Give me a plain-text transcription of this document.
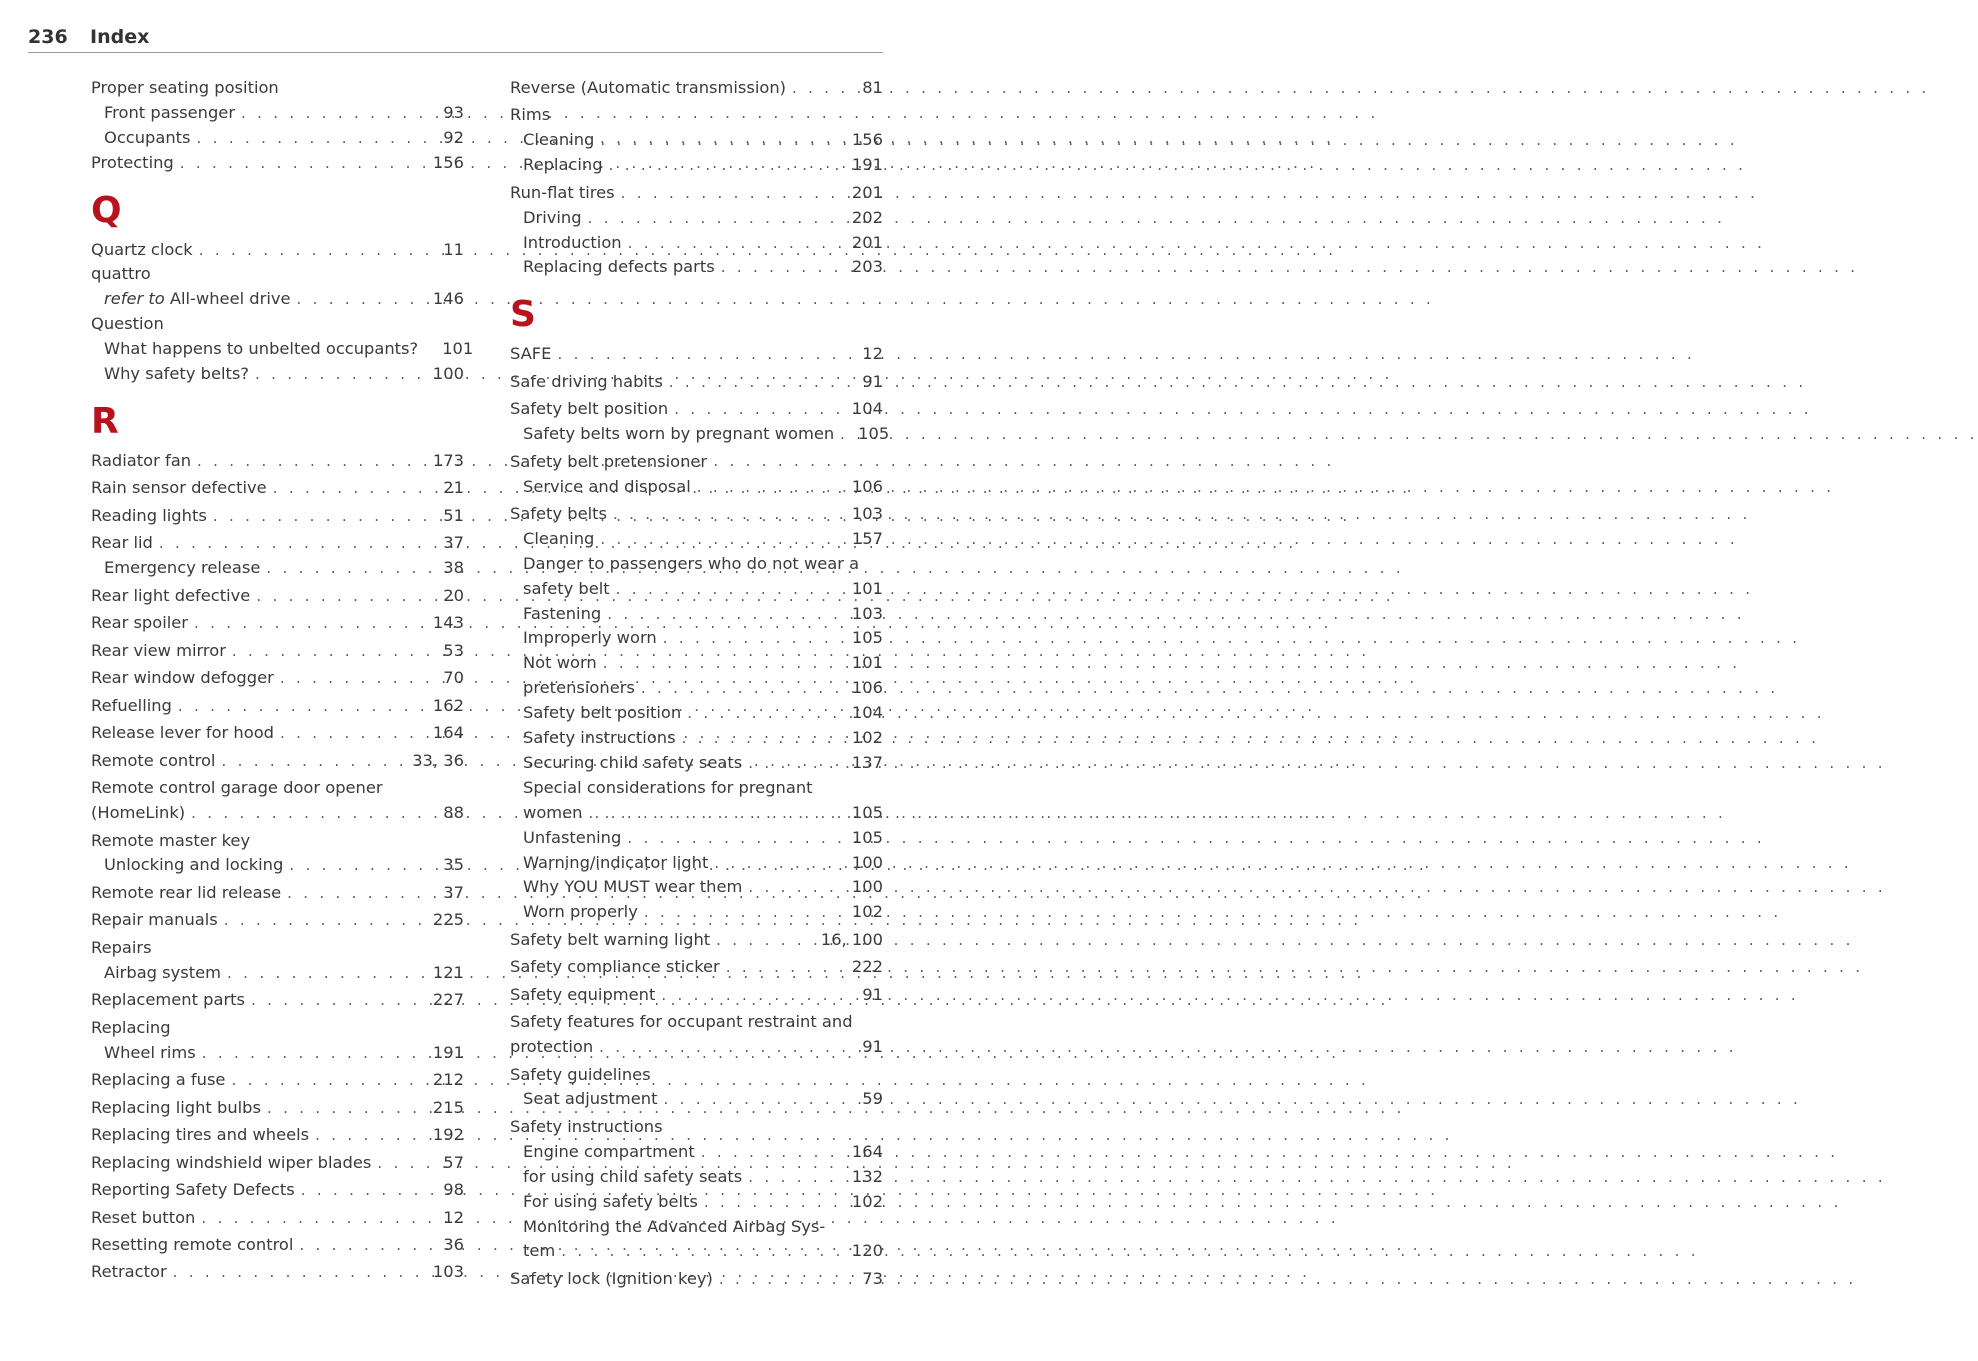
236 Index
Proper seating position
Front passenger . . .	93
Occupants . . .	92
Protecting . . .	156
Q
Quartz clock . . .	11
quattro
refer to All-wheel drive . . .	146
Question
What happens to unbelted occupants? 101
Why safety belts? . . .	100
R
Radiator fan . . .	173
Rain sensor defective . . .	21
Reading lights . . .	51
Rear lid . . .	37
Emergency release . . .	38
Rear light defective . . .	20
Rear spoiler . . .	143
Rear view mirror . . .	53
Rear window defogger . . .	70
Refuelling . . .	162
Release lever for hood . . .	164
Remote control . . .	33, 36
Remote control garage door opener
(HomeLink) . . .	88
Remote master key
Unlocking and locking . . .	35
Remote rear lid release . . .	37
Repair manuals . . .	225
Repairs
Airbag system . . .	121
Replacement parts . . .	227
Replacing
Wheel rims . . .	191
Replacing a fuse . . .	212
Replacing light bulbs . . .	215
Replacing tires and wheels . . .	192
Replacing windshield wiper blades . . .	57
Reporting Safety Defects . . .	98
Reset button . . .	12
Resetting remote control . . .	36
Retractor . . .	103
Reverse (Automatic transmission) . . .	81
Rims
Cleaning . . .	156
Replacing . . .	191
Run-flat tires . . .	201
Driving . . .	202
Introduction . . .	201
Replacing defects parts . . .	203
S
SAFE . . .	12
Safe driving habits . . .	91
Safety belt position . . .	104
Safety belts worn by pregnant women . . . 105
Safety belt pretensioner
Service and disposal . . .	106
Safety belts . . .	103
Cleaning . . .	157
Danger to passengers who do not wear a
safety belt . . .	101
Fastening . . .	103
Improperly worn . . .	105
Not worn . . .	101
pretensioners . . .	106
Safety belt position . . .	104
Safety instructions . . .	102
Securing child safety seats . . .	137
Special considerations for pregnant
women . . .	105
Unfastening . . .	105
Warning/indicator light . . .	100
Why YOU MUST wear them . . .	100
Worn properly . . .	102
Safety belt warning light . . .	16, 100
Safety compliance sticker . . .	222
Safety equipment . . .	91
Safety features for occupant restraint and
protection . . .	91
Safety guidelines
Seat adjustment . . .	59
Safety instructions
Engine compartment . . .	164
for using child safety seats . . .	132
For using safety belts . . .	102
Monitoring the Advanced Airbag Sys-
tem . . .	120
Safety lock (Ignition key) . . .	73
